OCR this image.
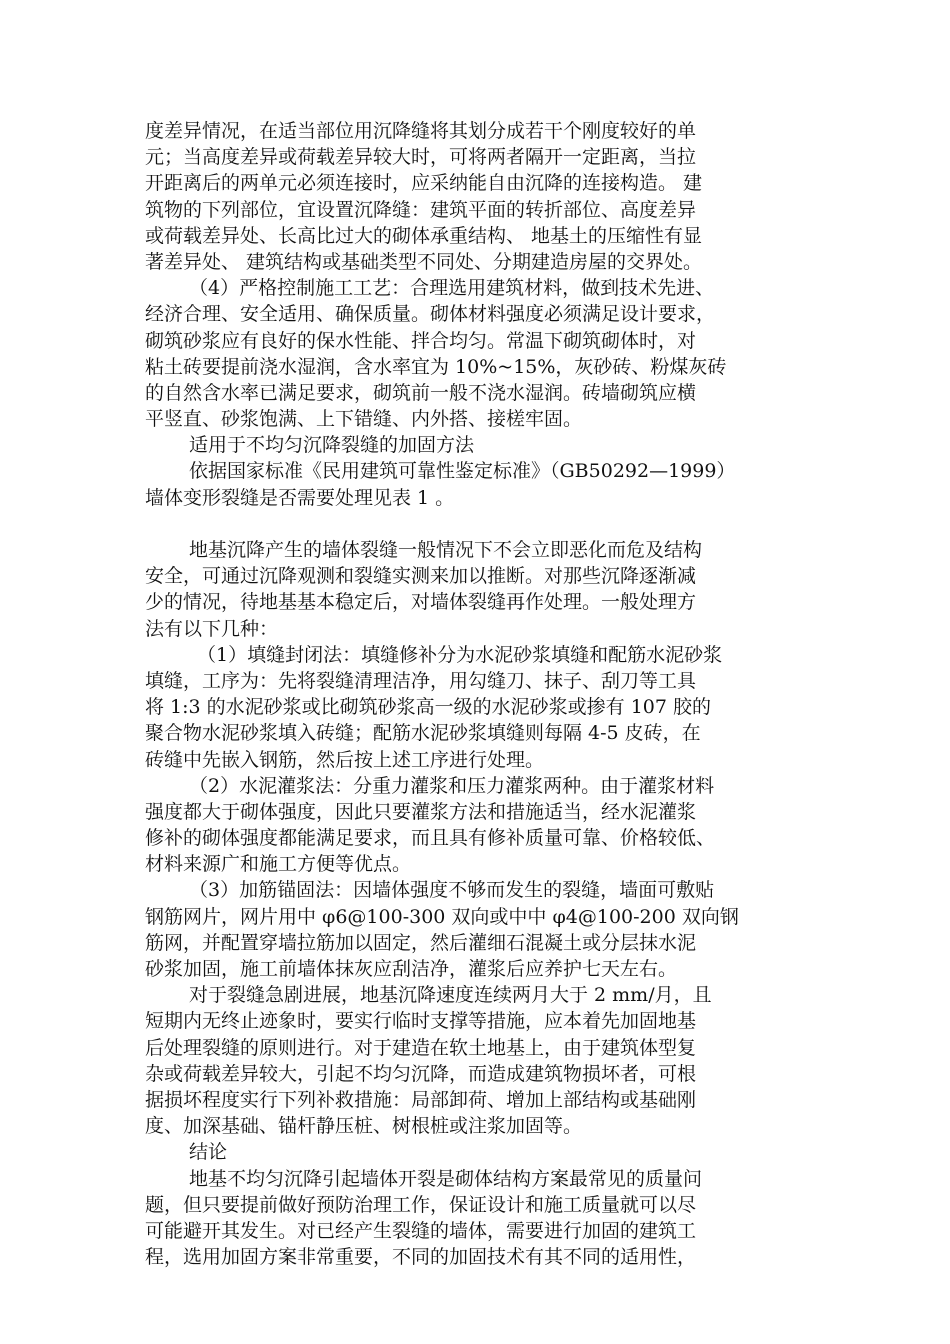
度差异情况，在适当部位用沉降缝将其划分成若干个刚度较好的单
元；当高度差异或荷载差异较大时，可将两者隔开一定距离，当拉
开距离后的两单元必须连接时，应采纳能自由沉降的连接构造。 建
筑物的下列部位，宜设置沉降缝：建筑平面的转折部位、高度差异
或荷载差异处、长高比过大的砌体承重结构、 地基土的压缩性有显
著差异处、 建筑结构或基础类型不同处、分期建造房屋的交界处。
（4）严格控制施工工艺：合理选用建筑材料，做到技术先进、
经济合理、安全适用、确保质量。砌体材料强度必须满足设计要求，
砌筑砂浆应有良好的保水性能、拌合均匀。常温下砌筑砌体时，对
粘土砖要提前浇水湿润，含水率宜为 10%~15%，灰砂砖、粉煤灰砖
的自然含水率已满足要求，砌筑前一般不浇水湿润。砖墙砌筑应横
平竖直、砂浆饱满、上下错缝、内外搭、接槎牢固。
适用于不均匀沉降裂缝的加固方法
依据国家标准《民用建筑可靠性鉴定标准》（GB50292—1999）
墙体变形裂缝是否需要处理见表 1 。
地基沉降产生的墙体裂缝一般情况下不会立即恶化而危及结构
安全，可通过沉降观测和裂缝实测来加以推断。对那些沉降逐渐减
少的情况，待地基基本稳定后，对墙体裂缝再作处理。一般处理方
法有以下几种：
（1）填缝封闭法：填缝修补分为水泥砂浆填缝和配筋水泥砂浆
填缝，工序为：先将裂缝清理洁净，用勾缝刀、抹子、刮刀等工具
将 1:3 的水泥砂浆或比砌筑砂浆高一级的水泥砂浆或掺有 107 胶的
聚合物水泥砂浆填入砖缝；配筋水泥砂浆填缝则每隔 4-5 皮砖，在
砖缝中先嵌入钢筋，然后按上述工序进行处理。
（2）水泥灌浆法：分重力灌浆和压力灌浆两种。由于灌浆材料
强度都大于砌体强度，因此只要灌浆方法和措施适当，经水泥灌浆
修补的砌体强度都能满足要求，而且具有修补质量可靠、价格较低、
材料来源广和施工方便等优点。
（3）加筋锚固法：因墙体强度不够而发生的裂缝，墙面可敷贴
钢筋网片，网片用中 φ6@100-300 双向或中中 φ4@100-200 双向钢
筋网，并配置穿墙拉筋加以固定，然后灌细石混凝土或分层抹水泥
砂浆加固，施工前墙体抹灰应刮洁净，灌浆后应养护七天左右。
对于裂缝急剧进展，地基沉降速度连续两月大于 2 mm/月，且
短期内无终止迹象时，要实行临时支撑等措施，应本着先加固地基
后处理裂缝的原则进行。对于建造在软土地基上，由于建筑体型复
杂或荷载差异较大，引起不均匀沉降，而造成建筑物损坏者，可根
据损坏程度实行下列补救措施：局部卸荷、增加上部结构或基础刚
度、加深基础、锚杆静压桩、树根桩或注浆加固等。
结论
地基不均匀沉降引起墙体开裂是砌体结构方案最常见的质量问
题，但只要提前做好预防治理工作，保证设计和施工质量就可以尽
可能避开其发生。对已经产生裂缝的墙体，需要进行加固的建筑工
程，选用加固方案非常重要，不同的加固技术有其不同的适用性，
